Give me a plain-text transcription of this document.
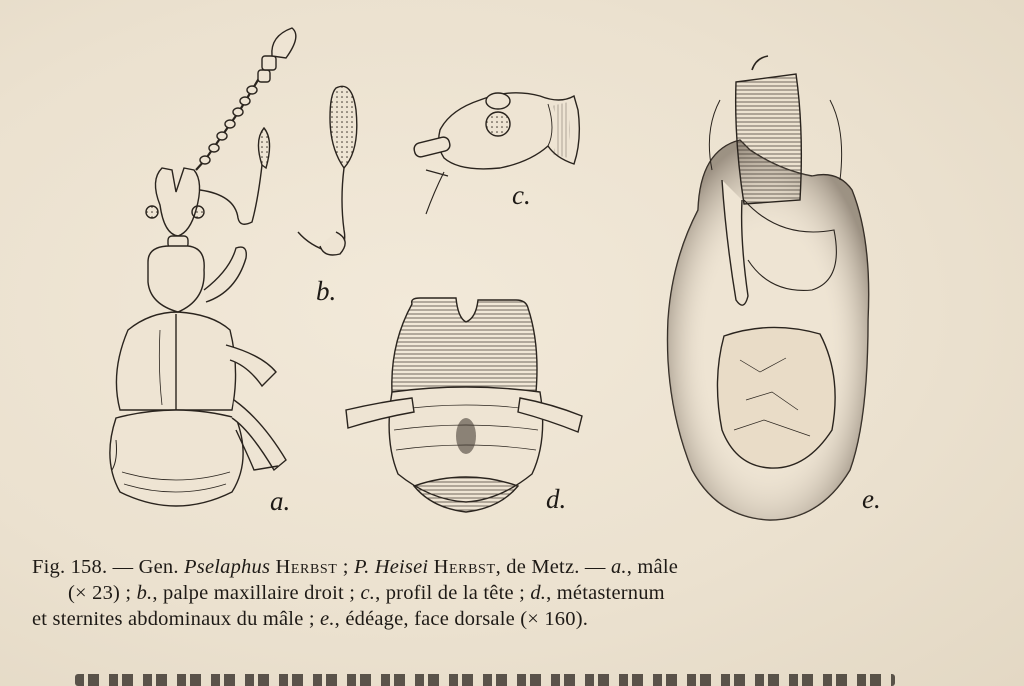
a.
b.
c.
d.	e.
Fig. 158. — Gen. Pselaphus Herbst ; P. Heisei Herbst, de Metz. — a., mâle
(× 23) ; b., palpe maxillaire droit ; c., profil de la tête ; d., métasternum
et sternites abdominaux du mâle ; e., édéage, face dorsale (× 160).
